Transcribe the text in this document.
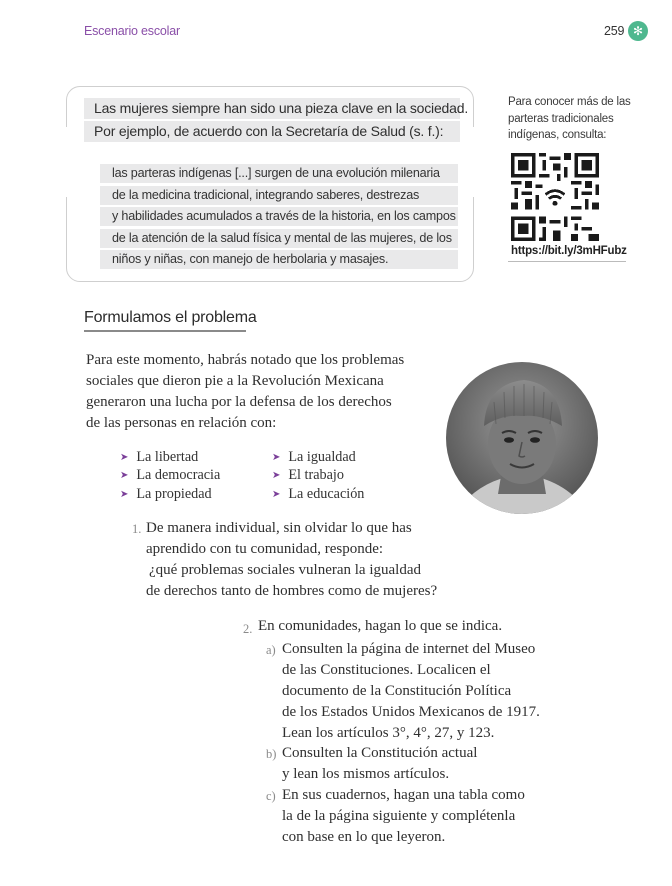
Escenario escolar	259 ✻
Las mujeres siempre han sido una pieza clave en la sociedad.
Por ejemplo, de acuerdo con la Secretaría de Salud (s. f.):
las parteras indígenas [...] surgen de una evolución milenaria
de la medicina tradicional, integrando saberes, destrezas
y habilidades acumulados a través de la historia, en los campos
de la atención de la salud física y mental de las mujeres, de los
niños y niñas, con manejo de herbolaria y masajes.
Para conocer más de las
parteras tradicionales
indígenas, consulta:
https://bit.ly/3mHFubz
Formulamos el problema
Para este momento, habrás notado que los problemas
sociales que dieron pie a la Revolución Mexicana
generaron una lucha por la defensa de los derechos
de las personas en relación con:
➤ La libertad
➤ La democracia
➤ La propiedad
➤ La igualdad
➤ El trabajo
➤ La educación
1. De manera individual, sin olvidar lo que has
aprendido con tu comunidad, responde:
¿qué problemas sociales vulneran la igualdad
de derechos tanto de hombres como de mujeres?
2. En comunidades, hagan lo que se indica.
a) Consulten la página de internet del Museo
de las Constituciones. Localicen el
documento de la Constitución Política
de los Estados Unidos Mexicanos de 1917.
Lean los artículos 3°, 4°, 27, y 123.
b) Consulten la Constitución actual
y lean los mismos artículos.
c) En sus cuadernos, hagan una tabla como
la de la página siguiente y complétenla
con base en lo que leyeron.
